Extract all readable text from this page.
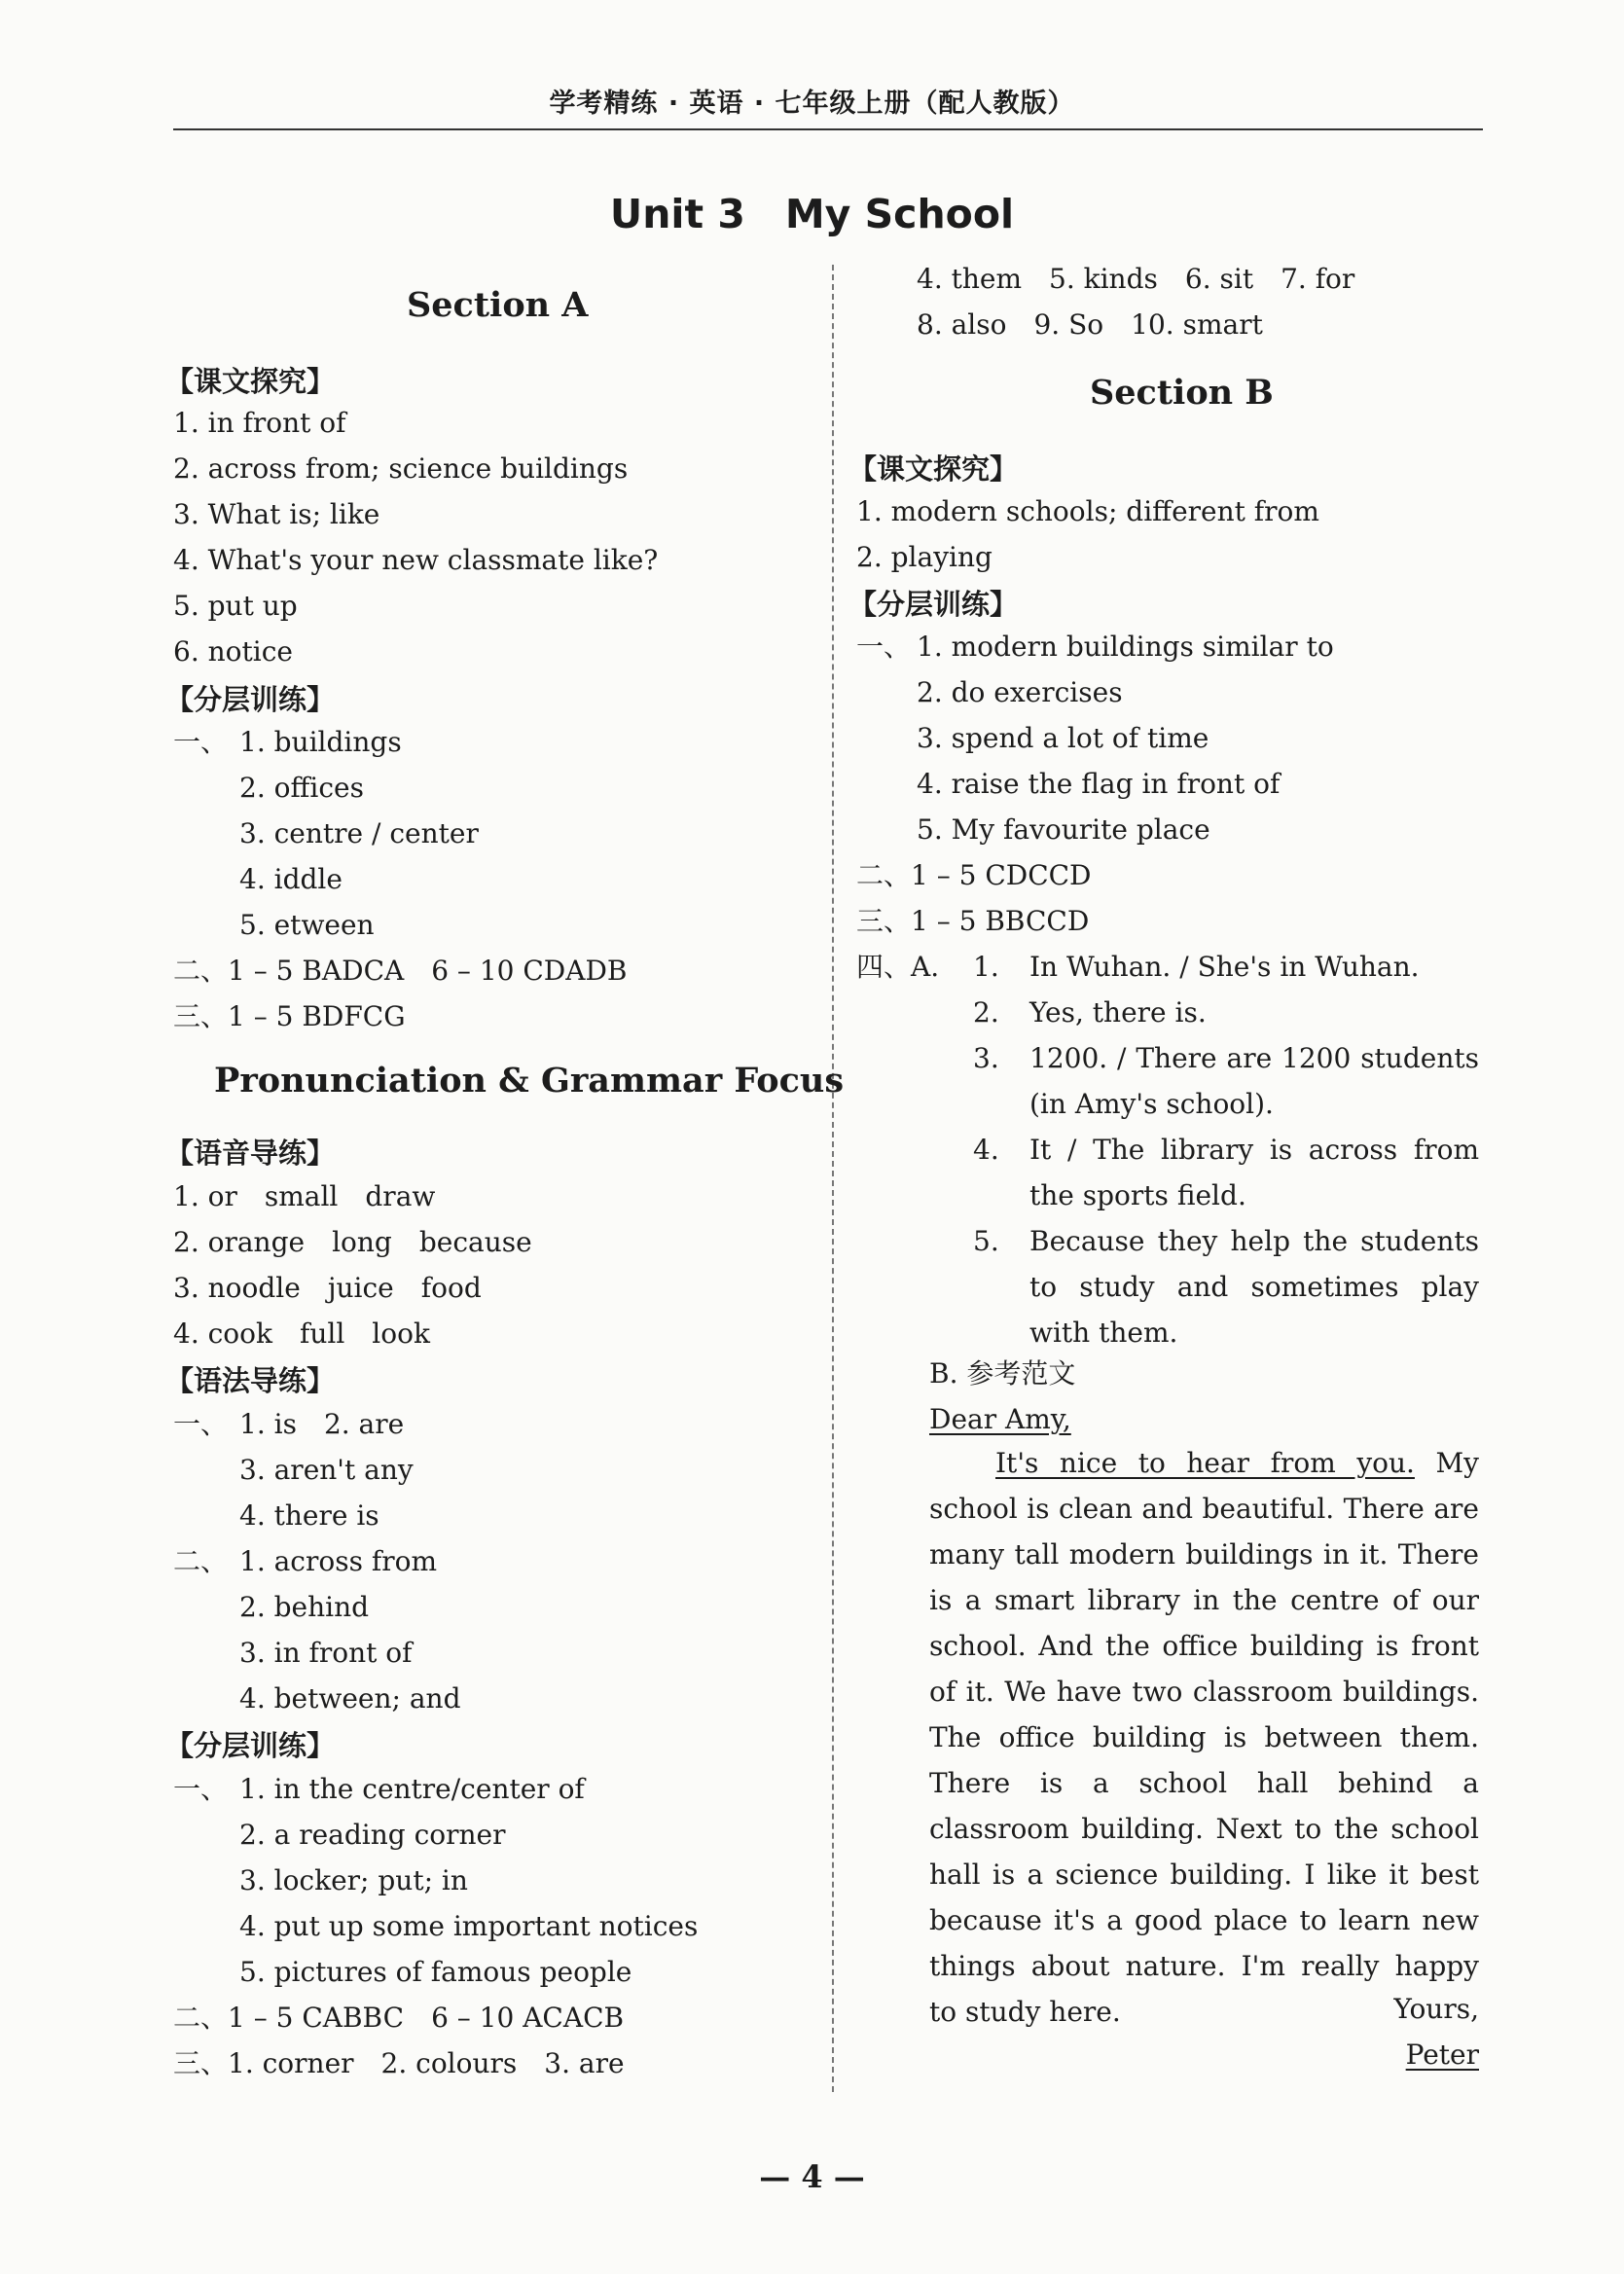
学考精练 · 英语 · 七年级上册（配人教版）
Unit 3　My School
Section A
【课文探究】
1. in front of
2. across from; science buildings
3. What is; like
4. What's your new classmate like?
5. put up
6. notice
【分层训练】
一、 1. buildings
2. offices
3. centre / center
4. iddle
5. etween
二、1 – 5 BADCA　6 – 10 CDADB
三、1 – 5 BDFCG
Pronunciation & Grammar Focus
【语音导练】
1. or　small　draw
2. orange　long　because
3. noodle　juice　food
4. cook　full　look
【语法导练】
一、 1. is　2. are
3. aren't any
4. there is
二、 1. across from
2. behind
3. in front of
4. between; and
【分层训练】
一、 1. in the centre/center of
2. a reading corner
3. locker; put; in
4. put up some important notices
5. pictures of famous people
二、1 – 5 CABBC　6 – 10 ACACB
三、1. corner　2. colours　3. are
4. them　5. kinds　6. sit　7. for
8. also　9. So　10. smart
Section B
【课文探究】
1. modern schools; different from
2. playing
【分层训练】
一、 1. modern buildings similar to
2. do exercises
3. spend a lot of time
4. raise the flag in front of
5. My favourite place
二、1 – 5 CDCCD
三、1 – 5 BBCCD
四、A. 1. In Wuhan. / She's in Wuhan.
2. Yes, there is.
3. 1200. / There are 1200 students (in Amy's school).
4. It / The library is across from the sports field.
5. Because they help the students to study and sometimes play with them.
B. 参考范文
Dear Amy,
It's nice to hear from you. My school is clean and beautiful. There are many tall modern buildings in it. There is a smart library in the centre of our school. And the office building is front of it. We have two classroom buildings. The office building is between them. There is a school hall behind a classroom building. Next to the school hall is a science building. I like it best because it's a good place to learn new things about nature. I'm really happy to study here.	Yours,
Peter
— 4 —
